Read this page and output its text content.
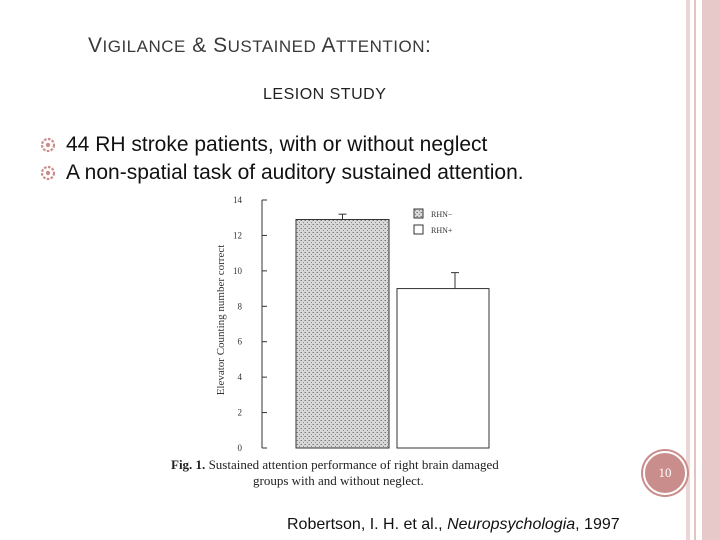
VIGILANCE & SUSTAINED ATTENTION:
LESION STUDY
44 RH stroke patients, with or without neglect
A non-spatial task of auditory sustained attention.
Elevator Counting number correct
0
2
4
6
8
10
12
14
RHN−
RHN+
Fig. 1. Sustained attention performance of right brain damaged
groups with and without neglect.
10
Robertson, I. H. et al., Neuropsychologia, 1997
